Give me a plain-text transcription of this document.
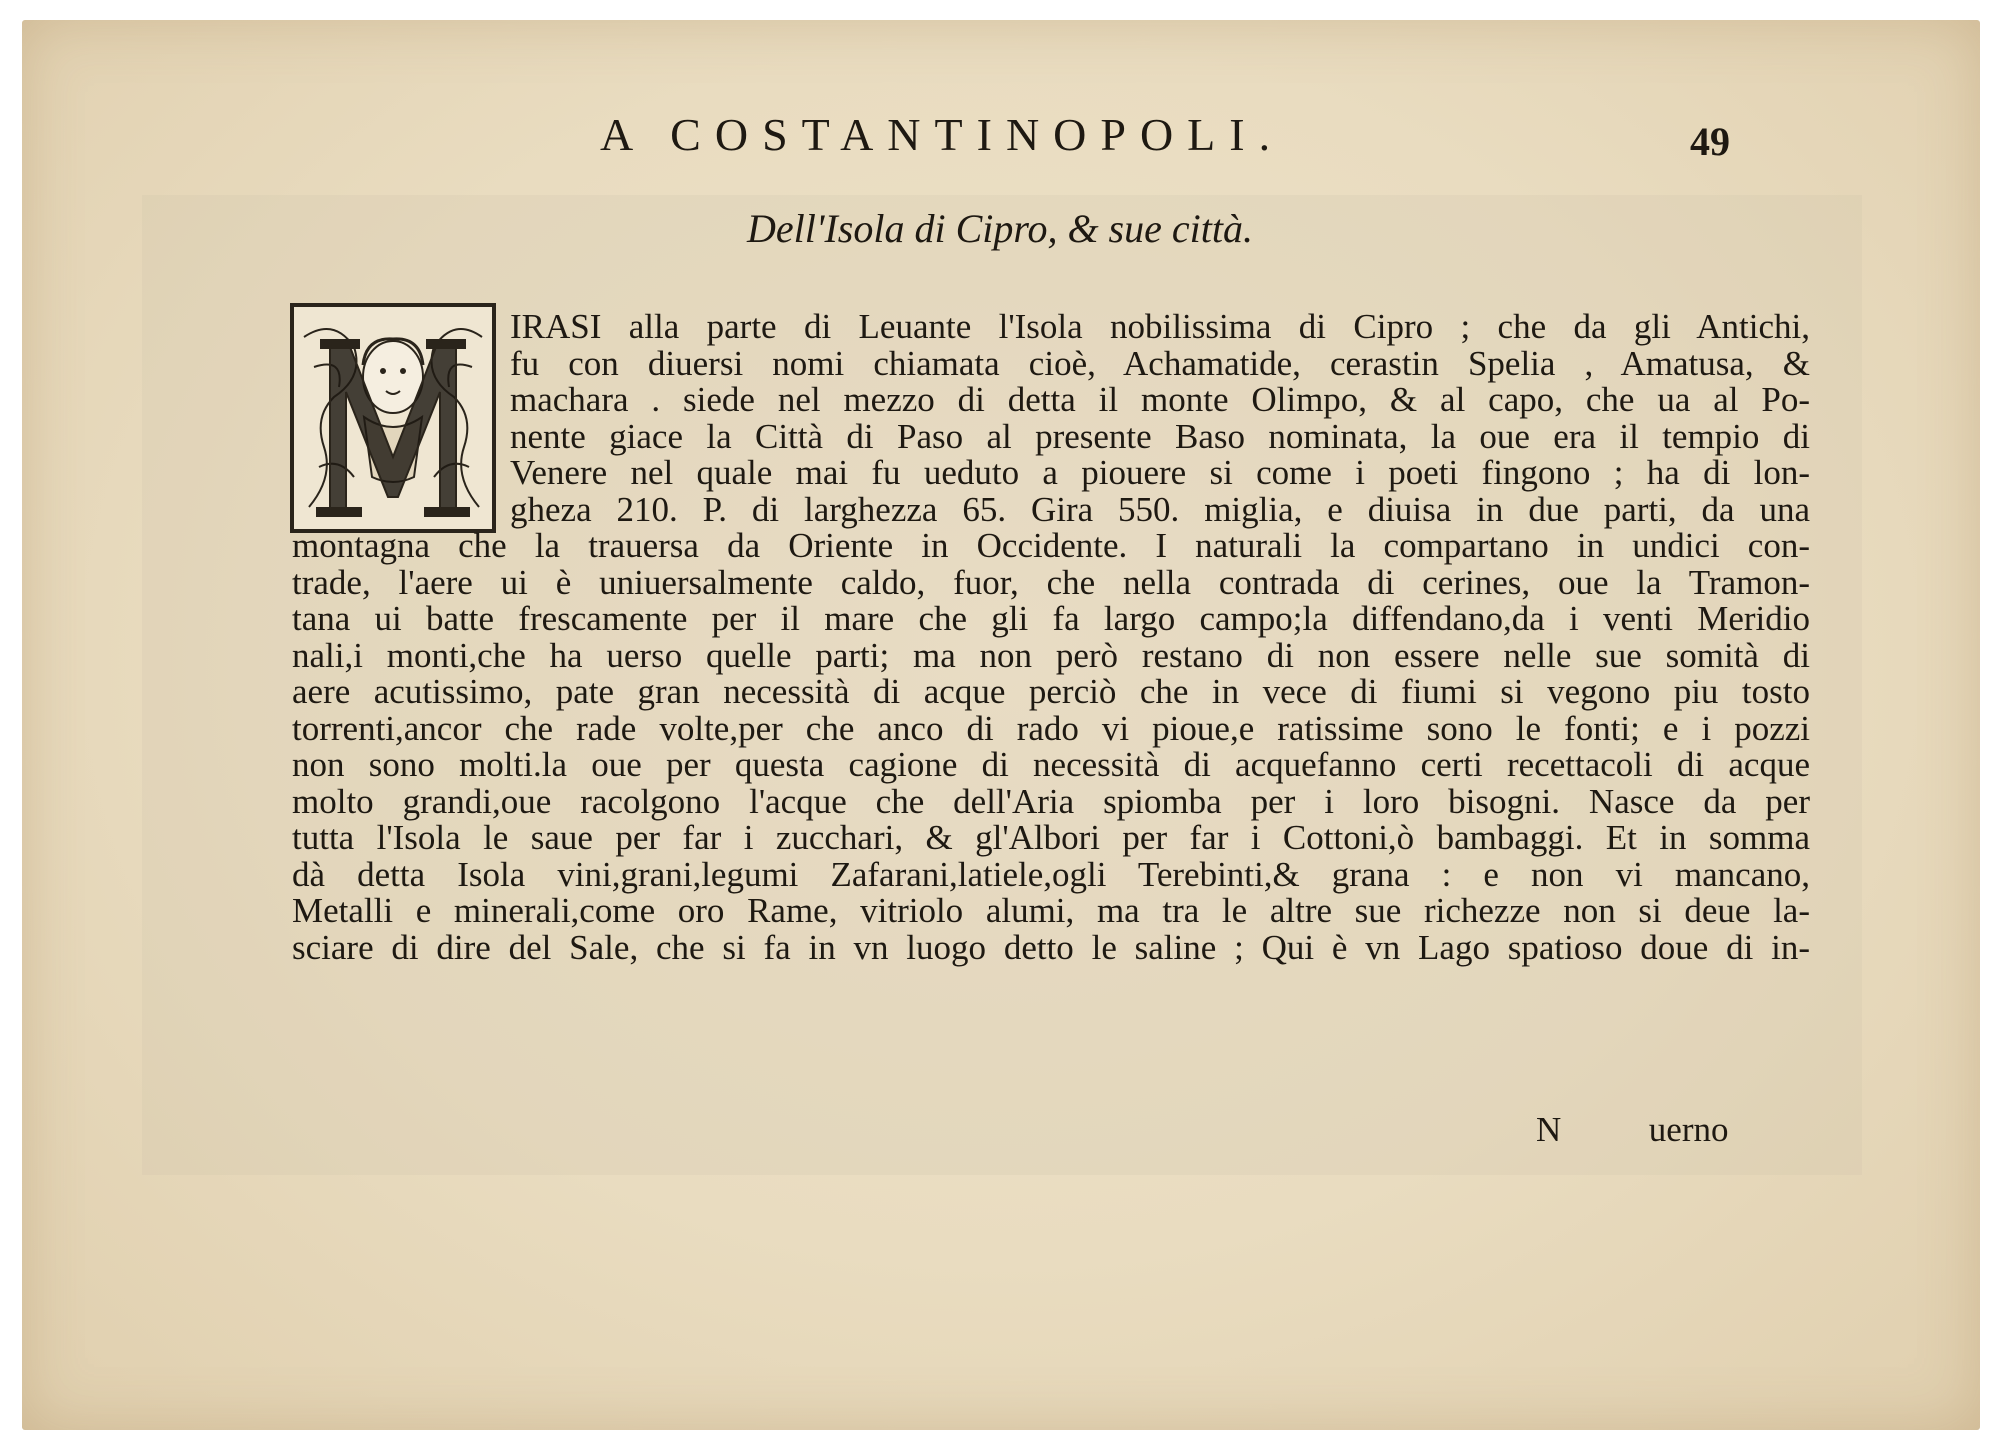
A COSTANTINOPOLI.	49
Dell'Isola di Cipro, & sue città.
IRASI alla parte di Leuante l'Isola nobilissima di Cipro ; che da gli Antichi,
fu con diuersi nomi chiamata cioè, Achamatide, cerastin Spelia , Amatusa, &
machara . siede nel mezzo di detta il monte Olimpo, & al capo, che ua al Po-
nente giace la Città di Paso al presente Baso nominata, la oue era il tempio di
Venere nel quale mai fu ueduto a piouere si come i poeti fingono ; ha di lon-
gheza 210. P. di larghezza 65. Gira 550. miglia, e diuisa in due parti, da una
montagna che la trauersa da Oriente in Occidente. I naturali la compartano in undici con-
trade, l'aere ui è uniuersalmente caldo, fuor, che nella contrada di cerines, oue la Tramon-
tana ui batte frescamente per il mare che gli fa largo campo;la diffendano,da i venti Meridio
nali,i monti,che ha uerso quelle parti; ma non però restano di non essere nelle sue somità di
aere acutissimo, pate gran necessità di acque perciò che in vece di fiumi si vegono piu tosto
torrenti,ancor che rade volte,per che anco di rado vi pioue,e ratissime sono le fonti; e i pozzi
non sono molti.la oue per questa cagione di necessità di acquefanno certi recettacoli di acque
molto grandi,oue racolgono l'acque che dell'Aria spiomba per i loro bisogni. Nasce da per
tutta l'Isola le saue per far i zucchari, & gl'Albori per far i Cottoni,ò bambaggi. Et in somma
dà detta Isola vini,grani,legumi Zafarani,latiele,ogli Terebinti,& grana : e non vi mancano,
Metalli e minerali,come oro Rame, vitriolo alumi, ma tra le altre sue richezze non si deue la-
sciare di dire del Sale, che si fa in vn luogo detto le saline ; Qui è vn Lago spatioso doue di in-
N	uerno
